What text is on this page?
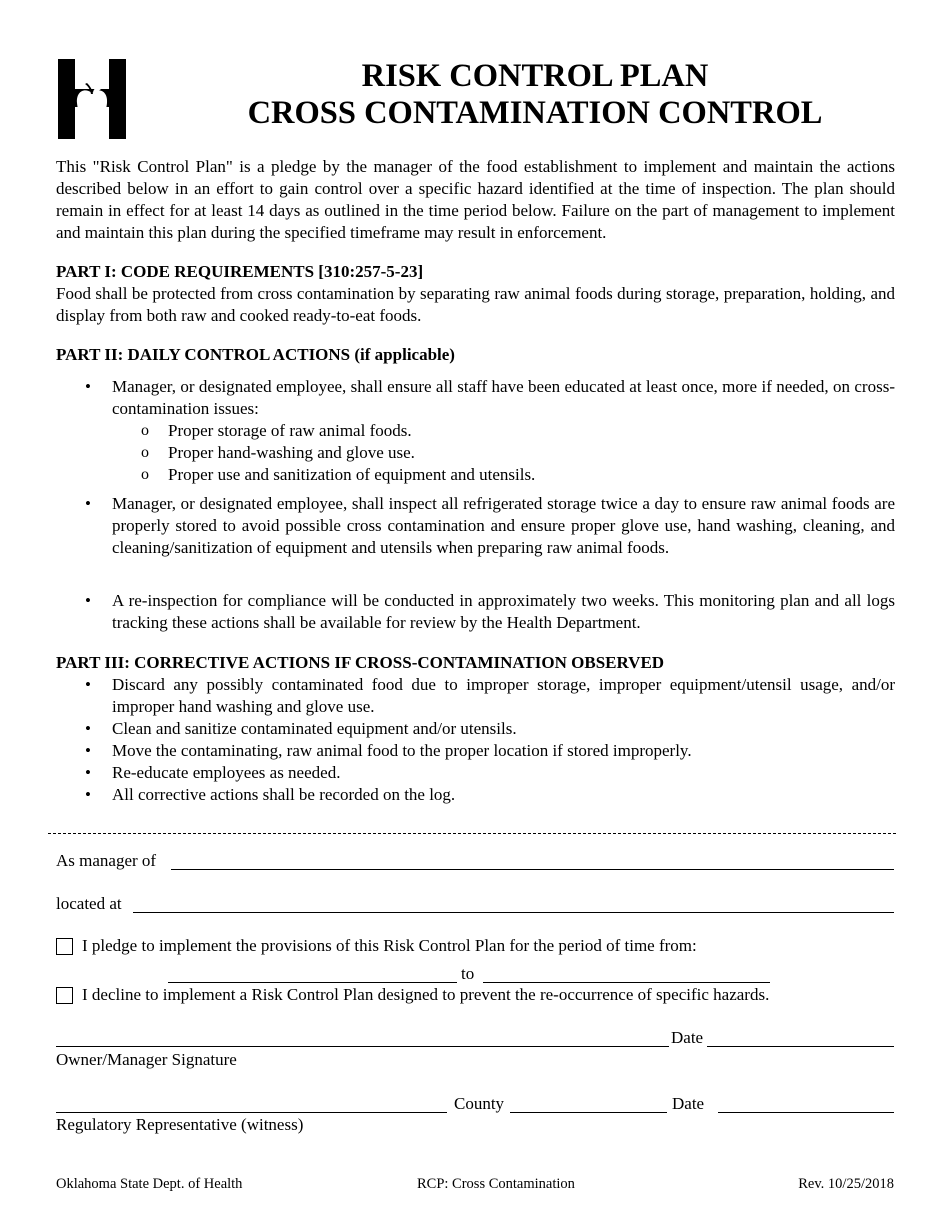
RISK CONTROL PLAN
CROSS CONTAMINATION CONTROL

This "Risk Control Plan" is a pledge by the manager of the food establishment to implement and maintain the actions described below in an effort to gain control over a specific hazard identified at the time of inspection. The plan should remain in effect for at least 14 days as outlined in the time period below. Failure on the part of management to implement and maintain this plan during the specified timeframe may result in enforcement.

PART I: CODE REQUIREMENTS [310:257-5-23]

Food shall be protected from cross contamination by separating raw animal foods during storage, preparation, holding, and display from both raw and cooked ready-to-eat foods.

PART II: DAILY CONTROL ACTIONS (if applicable)

• Manager, or designated employee, shall ensure all staff have been educated at least once, more if needed, on cross-contamination issues:
o Proper storage of raw animal foods.
o Proper hand-washing and glove use.
o Proper use and sanitization of equipment and utensils.
• Manager, or designated employee, shall inspect all refrigerated storage twice a day to ensure raw animal foods are properly stored to avoid possible cross contamination and ensure proper glove use, hand washing, cleaning, and cleaning/sanitization of equipment and utensils when preparing raw animal foods.
• A re-inspection for compliance will be conducted in approximately two weeks. This monitoring plan and all logs tracking these actions shall be available for review by the Health Department.

PART III: CORRECTIVE ACTIONS IF CROSS-CONTAMINATION OBSERVED

• Discard any possibly contaminated food due to improper storage, improper equipment/utensil usage, and/or improper hand washing and glove use.
• Clean and sanitize contaminated equipment and/or utensils.
• Move the contaminating, raw animal food to the proper location if stored improperly.
• Re-educate employees as needed.
• All corrective actions shall be recorded on the log.
As manager of
located at
I pledge to implement the provisions of this Risk Control Plan for the period of time from:
to
I decline to implement a Risk Control Plan designed to prevent the re-occurrence of specific hazards.
Date
Owner/Manager Signature
County	Date
Regulatory Representative (witness)
Oklahoma State Dept. of Health	RCP: Cross Contamination	Rev. 10/25/2018
